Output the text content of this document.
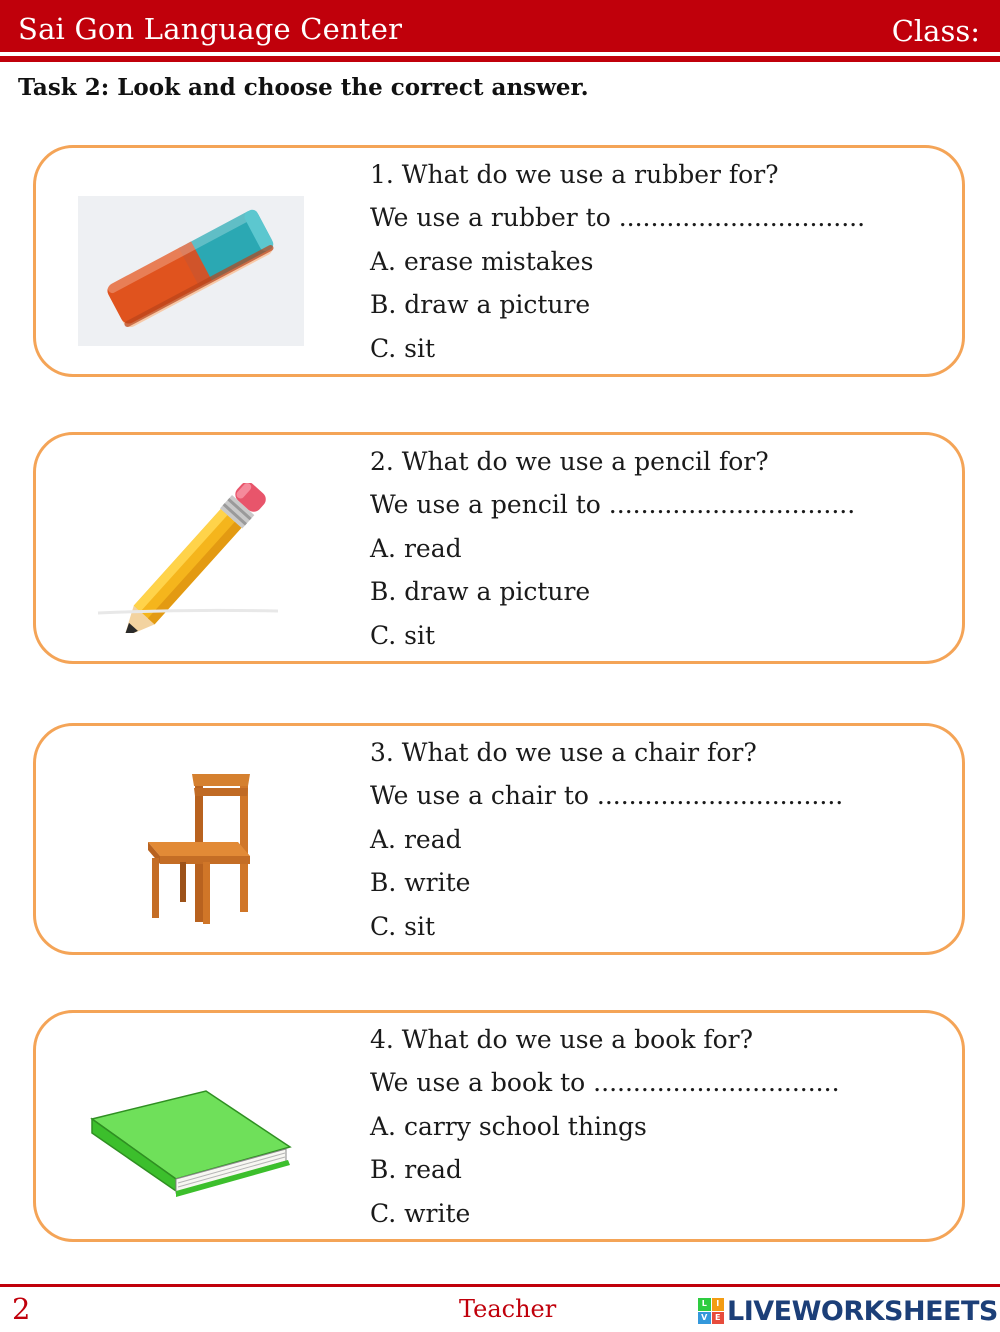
Sai Gon Language Center	Class:
Task 2: Look and choose the correct answer.
1. What do we use a rubber for?
We use a rubber to ...............................
A. erase mistakes
B. draw a picture
C. sit
2. What do we use a pencil for?
We use a pencil to ...............................
A. read
B. draw a picture
C. sit
3. What do we use a chair for?
We use a chair to ...............................
A. read
B. write
C. sit
4. What do we use a book for?
We use a book to ...............................
A. carry school things
B. read
C. write
2	Teacher	L	I
V E LIVEWORKSHEETS
